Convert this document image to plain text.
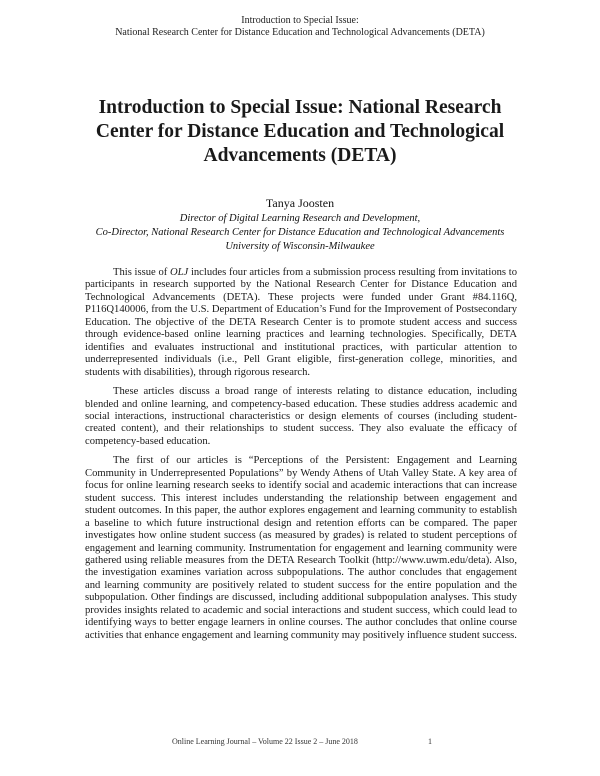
Introduction to Special Issue:
National Research Center for Distance Education and Technological Advancements (DETA)
Introduction to Special Issue: National Research Center for Distance Education and Technological Advancements (DETA)
Tanya Joosten
Director of Digital Learning Research and Development,
Co-Director, National Research Center for Distance Education and Technological Advancements
University of Wisconsin-Milwaukee

This issue of OLJ includes four articles from a submission process resulting from invitations to participants in research supported by the National Research Center for Distance Education and Technological Advancements (DETA). These projects were funded under Grant #84.116Q, P116Q140006, from the U.S. Department of Education’s Fund for the Improvement of Postsecondary Education. The objective of the DETA Research Center is to promote student access and success through evidence-based online learning practices and learning technologies. Specifically, DETA identifies and evaluates instructional and institutional practices, with particular attention to underrepresented individuals (i.e., Pell Grant eligible, first-generation college, minorities, and students with disabilities), through rigorous research.

These articles discuss a broad range of interests relating to distance education, including blended and online learning, and competency-based education. These studies address academic and social interactions, instructional characteristics or design elements of courses (including student-created content), and their relationships to student success. They also evaluate the efficacy of competency-based education.

The first of our articles is “Perceptions of the Persistent: Engagement and Learning Community in Underrepresented Populations” by Wendy Athens of Utah Valley State. A key area of focus for online learning research seeks to identify social and academic interactions that can increase student success. This interest includes understanding the relationship between engagement and student outcomes. In this paper, the author explores engagement and learning community to establish a baseline to which future instructional design and retention efforts can be compared. The paper investigates how online student success (as measured by grades) is related to student perceptions of engagement and learning community. Instrumentation for engagement and learning community were gathered using reliable measures from the DETA Research Toolkit (http://www.uwm.edu/deta). Also, the investigation examines variation across subpopulations. The author concludes that engagement and learning community are positively related to student success for the entire population and the subpopulation. Other findings are discussed, including additional subpopulation analyses. This study provides insights related to academic and social interactions and student success, which could lead to identifying ways to better engage learners in online courses. The author concludes that online course activities that enhance engagement and learning community may positively influence student success.

Online Learning Journal – Volume 22 Issue 2 – June 2018	1
